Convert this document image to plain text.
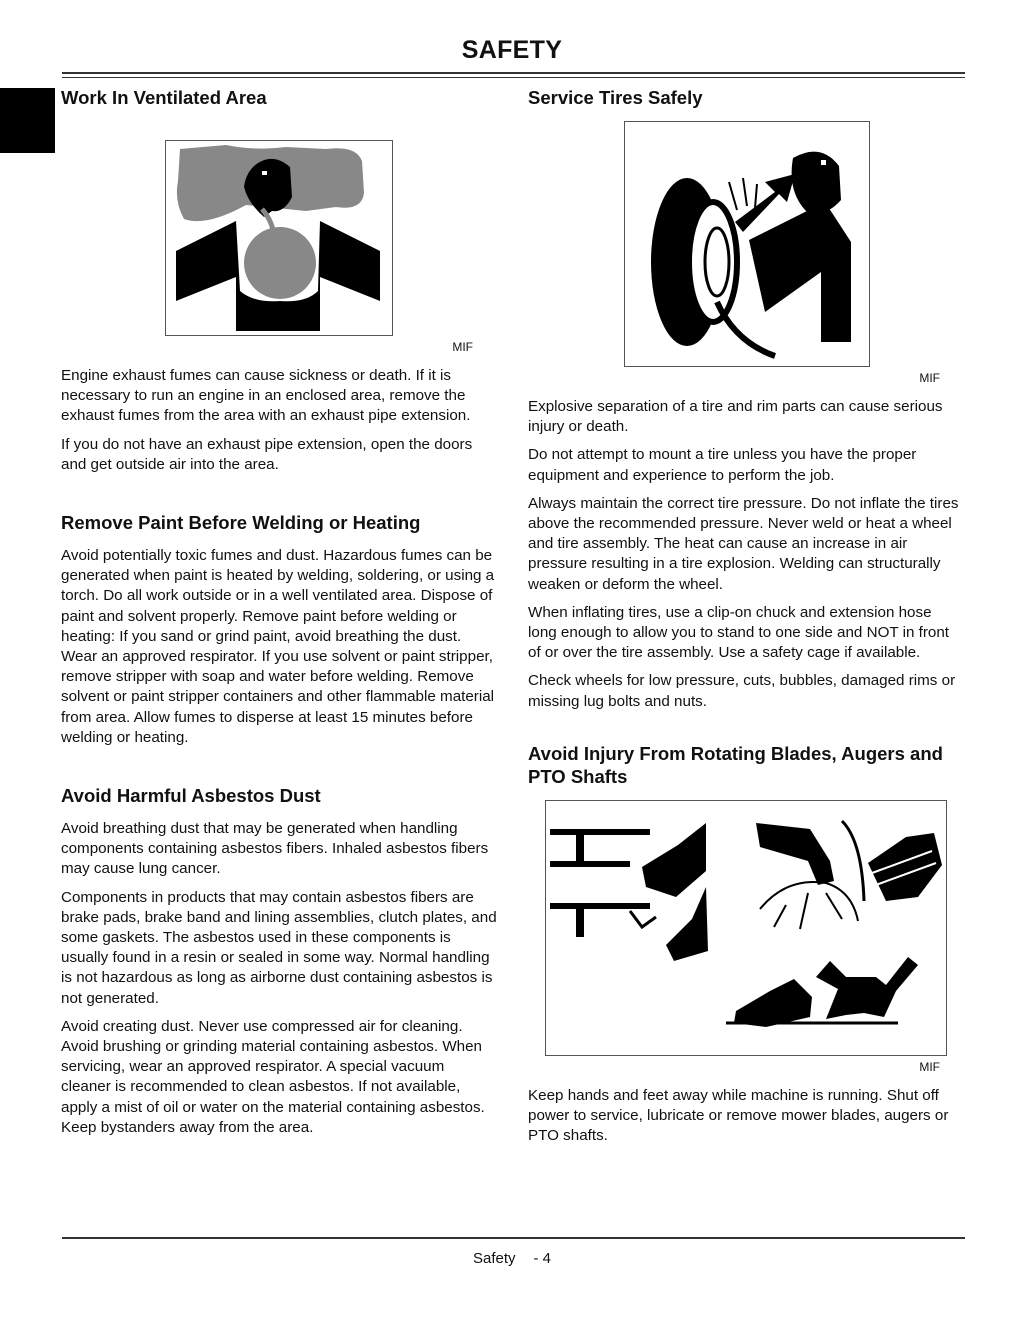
SAFETY
Work In Ventilated Area
MIF

Engine exhaust fumes can cause sickness or death. If it is necessary to run an engine in an enclosed area, remove the exhaust fumes from the area with an exhaust pipe extension.

If you do not have an exhaust pipe extension, open the doors and get outside air into the area.

Remove Paint Before Welding or Heating

Avoid potentially toxic fumes and dust. Hazardous fumes can be generated when paint is heated by welding, soldering, or using a torch. Do all work outside or in a well ventilated area. Dispose of paint and solvent properly. Remove paint before welding or heating: If you sand or grind paint, avoid breathing the dust. Wear an approved respirator. If you use solvent or paint stripper, remove stripper with soap and water before welding. Remove solvent or paint stripper containers and other flammable material from area. Allow fumes to disperse at least 15 minutes before welding or heating.

Avoid Harmful Asbestos Dust

Avoid breathing dust that may be generated when handling components containing asbestos fibers. Inhaled asbestos fibers may cause lung cancer.

Components in products that may contain asbestos fibers are brake pads, brake band and lining assemblies, clutch plates, and some gaskets. The asbestos used in these components is usually found in a resin or sealed in some way. Normal handling is not hazardous as long as airborne dust containing asbestos is not generated.

Avoid creating dust. Never use compressed air for cleaning. Avoid brushing or grinding material containing asbestos. When servicing, wear an approved respirator. A special vacuum cleaner is recommended to clean asbestos. If not available, apply a mist of oil or water on the material containing asbestos. Keep bystanders away from the area.

Service Tires Safely
MIF

Explosive separation of a tire and rim parts can cause serious injury or death.

Do not attempt to mount a tire unless you have the proper equipment and experience to perform the job.

Always maintain the correct tire pressure. Do not inflate the tires above the recommended pressure. Never weld or heat a wheel and tire assembly. The heat can cause an increase in air pressure resulting in a tire explosion. Welding can structurally weaken or deform the wheel.

When inflating tires, use a clip-on chuck and extension hose long enough to allow you to stand to one side and NOT in front of or over the tire assembly. Use a safety cage if available.

Check wheels for low pressure, cuts, bubbles, damaged rims or missing lug bolts and nuts.

Avoid Injury From Rotating Blades, Augers and PTO Shafts
MIF

Keep hands and feet away while machine is running. Shut off power to service, lubricate or remove mower blades, augers or PTO shafts.

Safety - 4
